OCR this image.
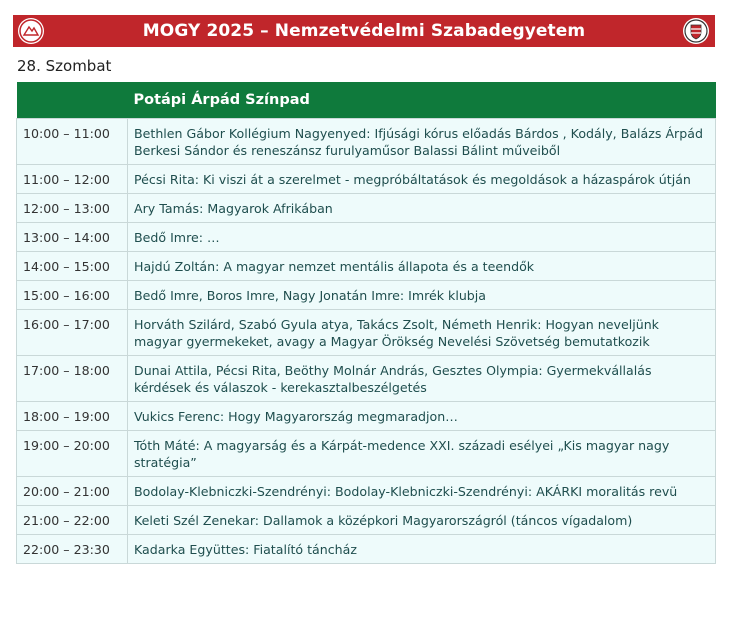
MOGY 2025 – Nemzetvédelmi Szabadegyetem
28. Szombat
	Potápi Árpád Színpad
10:00 – 11:00	Bethlen Gábor Kollégium Nagyenyed: Ifjúsági kórus előadás Bárdos , Kodály, Balázs Árpád Berkesi Sándor és reneszánsz furulyaműsor Balassi Bálint műveiből
11:00 – 12:00	Pécsi Rita: Ki viszi át a szerelmet - megpróbáltatások és megoldások a házaspárok útján
12:00 – 13:00	Ary Tamás: Magyarok Afrikában
13:00 – 14:00	Bedő Imre: …
14:00 – 15:00	Hajdú Zoltán: A magyar nemzet mentális állapota és a teendők
15:00 – 16:00	Bedő Imre, Boros Imre, Nagy Jonatán Imre: Imrék klubja
16:00 – 17:00	Horváth Szilárd, Szabó Gyula atya, Takács Zsolt, Németh Henrik: Hogyan neveljünk magyar gyermekeket, avagy a Magyar Örökség Nevelési Szövetség bemutatkozik
17:00 – 18:00	Dunai Attila, Pécsi Rita, Beöthy Molnár András, Gesztes Olympia: Gyermekvállalás kérdések és válaszok - kerekasztalbeszélgetés
18:00 – 19:00	Vukics Ferenc: Hogy Magyarország megmaradjon…
19:00 – 20:00	Tóth Máté: A magyarság és a Kárpát-medence XXI. századi esélyei „Kis magyar nagy stratégia”
20:00 – 21:00	Bodolay-Klebniczki-Szendrényi: Bodolay-Klebniczki-Szendrényi: AKÁRKI moralitás revü
21:00 – 22:00	Keleti Szél Zenekar: Dallamok a középkori Magyarországról (táncos vígadalom)
22:00 – 23:30	Kadarka Együttes: Fiatalító táncház
